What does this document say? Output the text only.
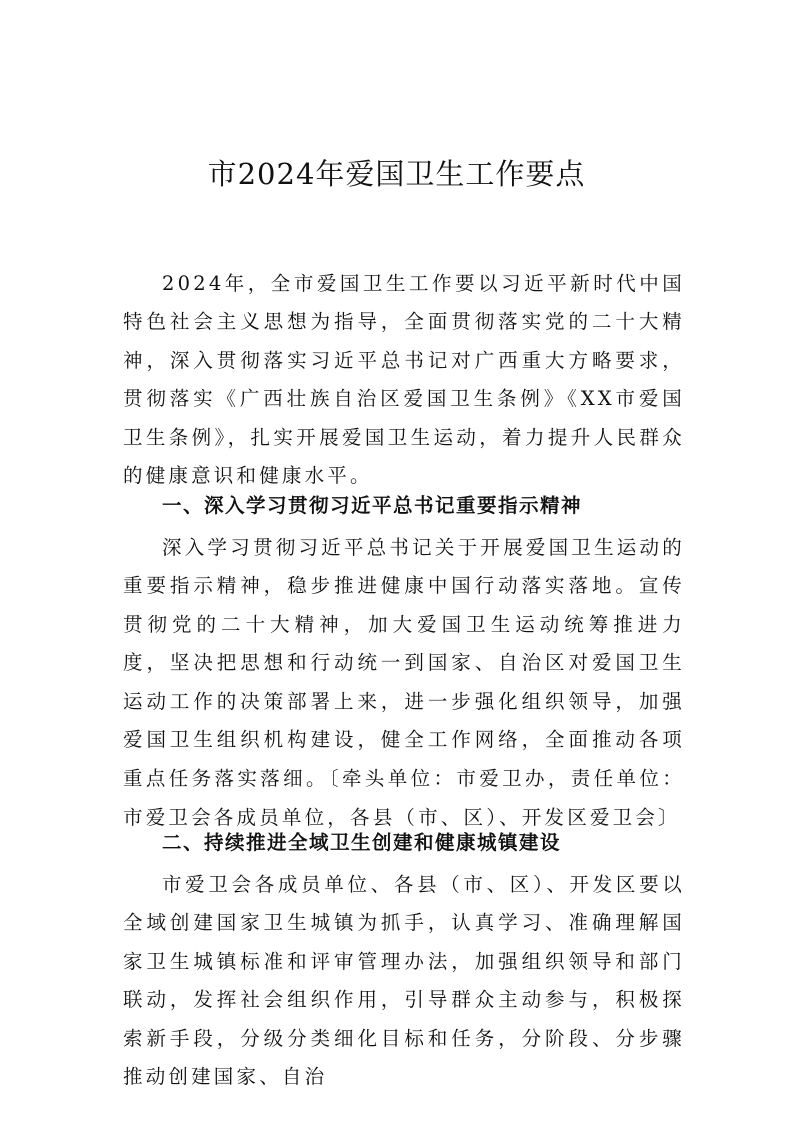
市2024年爱国卫生工作要点

2024年，全市爱国卫生工作要以习近平新时代中国特色社会主义思想为指导，全面贯彻落实党的二十大精神，深入贯彻落实习近平总书记对广西重大方略要求，贯彻落实《广西壮族自治区爱国卫生条例》《XX市爱国卫生条例》，扎实开展爱国卫生运动，着力提升人民群众的健康意识和健康水平。

一、深入学习贯彻习近平总书记重要指示精神

深入学习贯彻习近平总书记关于开展爱国卫生运动的重要指示精神，稳步推进健康中国行动落实落地。宣传贯彻党的二十大精神，加大爱国卫生运动统筹推进力度，坚决把思想和行动统一到国家、自治区对爱国卫生运动工作的决策部署上来，进一步强化组织领导，加强爱国卫生组织机构建设，健全工作网络，全面推动各项重点任务落实落细。〔牵头单位：市爱卫办，责任单位：市爱卫会各成员单位，各县（市、区）、开发区爱卫会〕

二、持续推进全域卫生创建和健康城镇建设

市爱卫会各成员单位、各县（市、区）、开发区要以全域创建国家卫生城镇为抓手，认真学习、准确理解国家卫生城镇标准和评审管理办法，加强组织领导和部门联动，发挥社会组织作用，引导群众主动参与，积极探索新手段，分级分类细化目标和任务，分阶段、分步骤推动创建国家、自治
